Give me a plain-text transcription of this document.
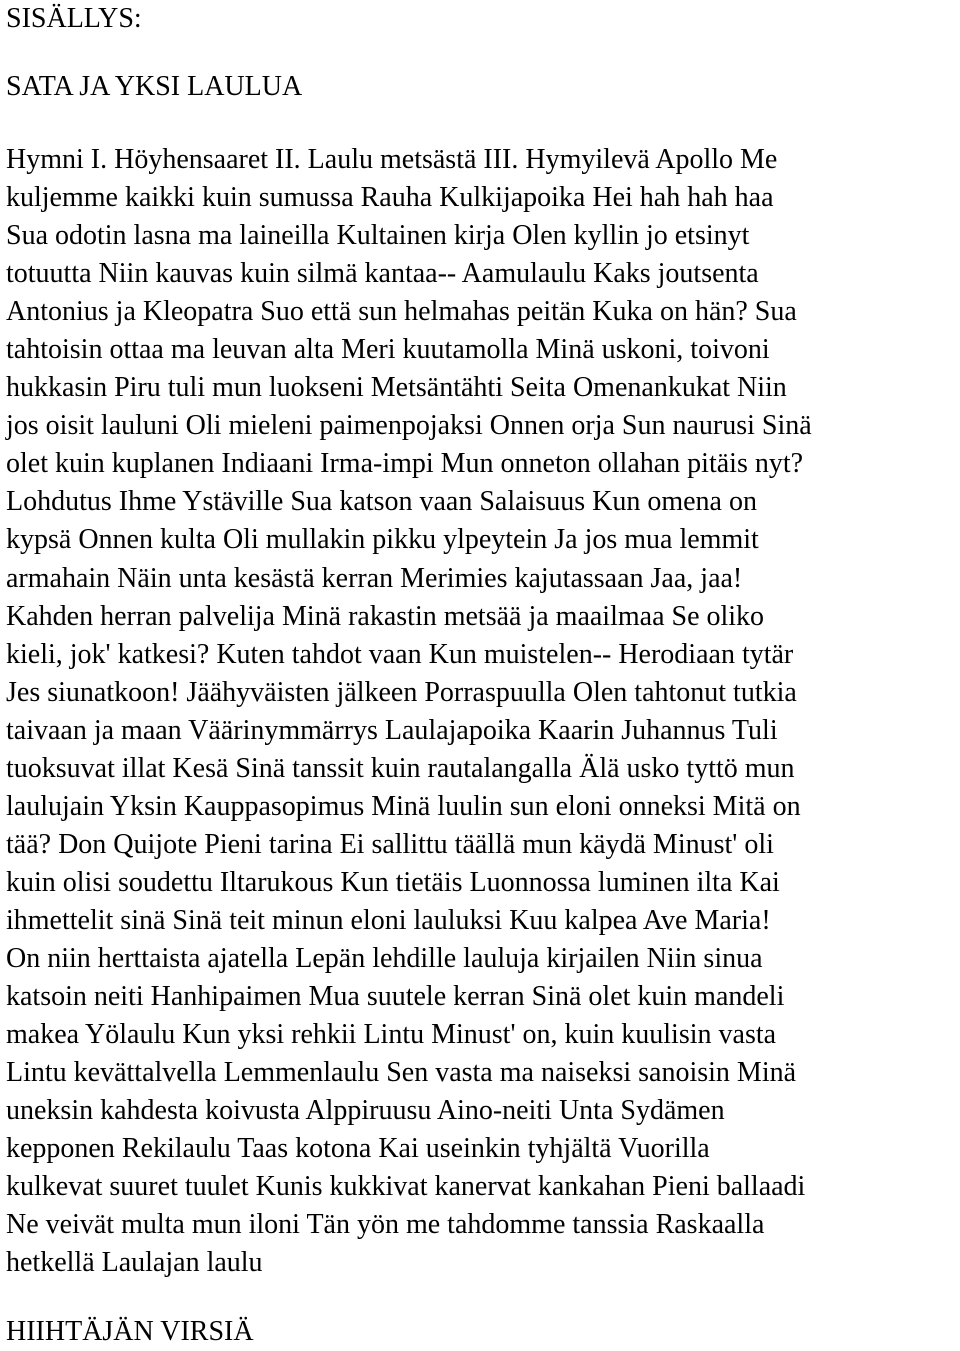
SISÄLLYS:
SATA JA YKSI LAULUA

Hymni I. Höyhensaaret II. Laulu metsästä III. Hymyilevä Apollo Me
kuljemme kaikki kuin sumussa Rauha Kulkijapoika Hei hah hah haa
Sua odotin lasna ma laineilla Kultainen kirja Olen kyllin jo etsinyt
totuutta Niin kauvas kuin silmä kantaa-- Aamulaulu Kaks joutsenta
Antonius ja Kleopatra Suo että sun helmahas peitän Kuka on hän? Sua
tahtoisin ottaa ma leuvan alta Meri kuutamolla Minä uskoni, toivoni
hukkasin Piru tuli mun luokseni Metsäntähti Seita Omenankukat Niin
jos oisit lauluni Oli mieleni paimenpojaksi Onnen orja Sun naurusi Sinä
olet kuin kuplanen Indiaani Irma-impi Mun onneton ollahan pitäis nyt?
Lohdutus Ihme Ystäville Sua katson vaan Salaisuus Kun omena on
kypsä Onnen kulta Oli mullakin pikku ylpeytein Ja jos mua lemmit
armahain Näin unta kesästä kerran Merimies kajutassaan Jaa, jaa!
Kahden herran palvelija Minä rakastin metsää ja maailmaa Se oliko
kieli, jok' katkesi? Kuten tahdot vaan Kun muistelen-- Herodiaan tytär
Jes siunatkoon! Jäähyväisten jälkeen Porraspuulla Olen tahtonut tutkia
taivaan ja maan Väärinymmärrys Laulajapoika Kaarin Juhannus Tuli
tuoksuvat illat Kesä Sinä tanssit kuin rautalangalla Älä usko tyttö mun
laulujain Yksin Kauppasopimus Minä luulin sun eloni onneksi Mitä on
tää? Don Quijote Pieni tarina Ei sallittu täällä mun käydä Minust' oli
kuin olisi soudettu Iltarukous Kun tietäis Luonnossa luminen ilta Kai
ihmettelit sinä Sinä teit minun eloni lauluksi Kuu kalpea Ave Maria!
On niin herttaista ajatella Lepän lehdille lauluja kirjailen Niin sinua
katsoin neiti Hanhipaimen Mua suutele kerran Sinä olet kuin mandeli
makea Yölaulu Kun yksi rehkii Lintu Minust' on, kuin kuulisin vasta
Lintu kevättalvella Lemmenlaulu Sen vasta ma naiseksi sanoisin Minä
uneksin kahdesta koivusta Alppiruusu Aino-neiti Unta Sydämen
kepponen Rekilaulu Taas kotona Kai useinkin tyhjältä Vuorilla
kulkevat suuret tuulet Kunis kukkivat kanervat kankahan Pieni ballaadi
Ne veivät multa mun iloni Tän yön me tahdomme tanssia Raskaalla
hetkellä Laulajan laulu

HIIHTÄJÄN VIRSIÄ
